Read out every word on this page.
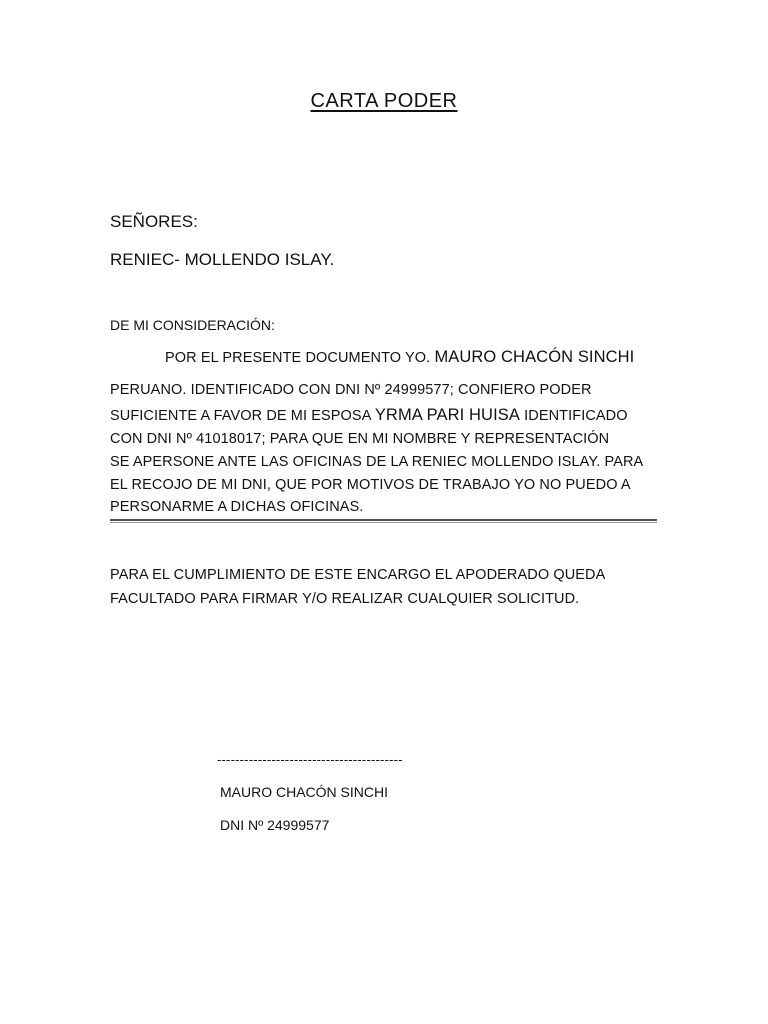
CARTA PODER
SEÑORES:
RENIEC- MOLLENDO ISLAY.
DE MI CONSIDERACIÓN:
POR EL PRESENTE DOCUMENTO YO. MAURO CHACÓN SINCHI
PERUANO. IDENTIFICADO CON DNI Nº 24999577; CONFIERO PODER
SUFICIENTE A FAVOR DE MI ESPOSA YRMA PARI HUISA IDENTIFICADO
CON DNI Nº 41018017; PARA QUE EN MI NOMBRE Y REPRESENTACIÓN
SE APERSONE ANTE LAS OFICINAS DE LA RENIEC MOLLENDO ISLAY. PARA
EL RECOJO DE MI DNI, QUE POR MOTIVOS DE TRABAJO YO NO PUEDO A
PERSONARME A DICHAS OFICINAS.
PARA EL CUMPLIMIENTO DE ESTE ENCARGO EL APODERADO QUEDA
FACULTADO PARA FIRMAR Y/O REALIZAR CUALQUIER SOLICITUD.
-----------------------------------------
MAURO CHACÓN SINCHI
DNI Nº 24999577
